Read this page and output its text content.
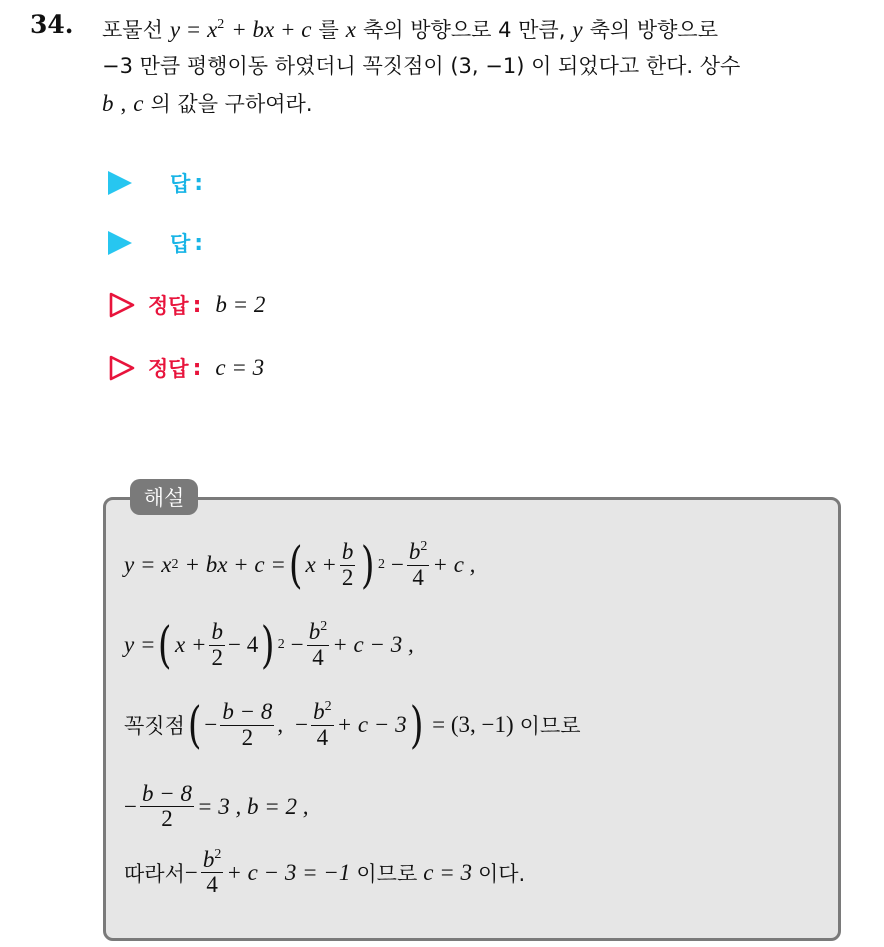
34. 포물선 $y = x^2$ + bx + c 를 x 축의 방향으로 4 만큼, y 축의 방향으로
−3 만큼 평행이동 하였더니 꼭짓점이 (3, −1) 이 되었다고 한다. 상수
b , c 의 값을 구하여라.
답 :
답 :
정답 : b = 2
정답 : c = 3
해설
y = x 2 + bx + c = ( $x + \frac{b}{2}$ ) $2 - \frac{b^2}{4} + c$ ,
y = ( $x + \frac{b}{2} - 4$ ) $2 - \frac{b^2}{4} + c - 3$ ,
꼭짓점 ( − $\frac{b - 8}{2}$ , − $\frac{b^2}{4} + c - 3$ ) = (3, −1) 이므로
− $\frac{b - 8}{2} = 3$ , b = 2 ,
따라서 − $\frac{b^2}{4} + c - 3 = -1$ 이므로 c = 3 이다.
